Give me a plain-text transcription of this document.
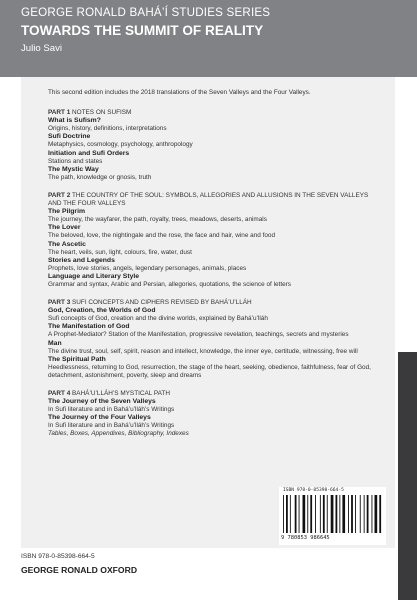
GEORGE RONALD BAHÁ’Í STUDIES SERIES
TOWARDS THE SUMMIT OF REALITY
Julio Savi

This second edition includes the 2018 translations of the Seven Valleys and the Four Valleys.

PART 1 NOTES ON SUFISM

What is Sufism?

Origins, history, definitions, interpretations

Sufi Doctrine

Metaphysics, cosmology, psychology, anthropology

Initiation and Sufi Orders

Stations and states

The Mystic Way

The path, knowledge or gnosis, truth

PART 2 THE COUNTRY OF THE SOUL: SYMBOLS, ALLEGORIES AND ALLUSIONS IN THE SEVEN VALLEYS AND THE FOUR VALLEYS

The Pilgrim

The journey, the wayfarer, the path, royalty, trees, meadows, deserts, animals

The Lover

The beloved, love, the nightingale and the rose, the face and hair, wine and food

The Ascetic

The heart, veils, sun, light, colours, fire, water, dust

Stories and Legends

Prophets, love stories, angels, legendary personages, animals, places

Language and Literary Style

Grammar and syntax, Arabic and Persian, allegories, quotations, the science of letters

PART 3 SUFI CONCEPTS AND CIPHERS REVISED BY BAHÁ’U’LLÁH

God, Creation, the Worlds of God

Sufi concepts of God, creation and the divine worlds, explained by Bahá’u’lláh

The Manifestation of God

A Prophet-Mediator? Station of the Manifestation, progressive revelation, teachings, secrets and mysteries

Man

The divine trust, soul, self, spirit, reason and intellect, knowledge, the inner eye, certitude, witnessing, free will

The Spiritual Path

Heedlessness, returning to God, resurrection, the stage of the heart, seeking, obedience, faithfulness, fear of God, detachment, astonishment, poverty, sleep and dreams

PART 4 BAHÁ’U’LLÁH’S MYSTICAL PATH

The Journey of the Seven Valleys

In Sufi literature and in Bahá’u’lláh’s Writings

The Journey of the Four Valleys

In Sufi literature and in Bahá’u’lláh’s Writings

Tables, Boxes, Appendixes, Bibliography, Indexes

ISBN 978-0-85398-664-5
9 780853 986645
ISBN 978-0-85398-664-5
GEORGE RONALD OXFORD
